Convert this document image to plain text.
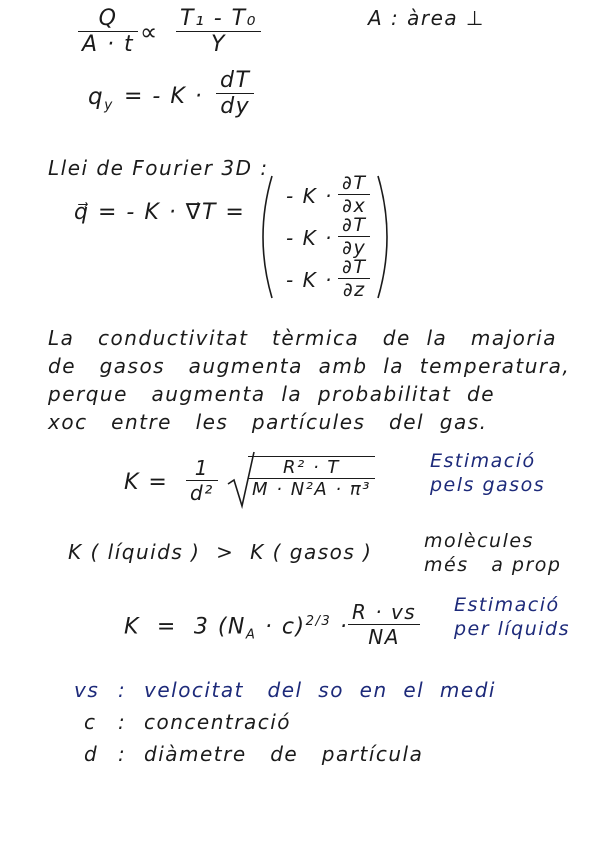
$\frac{Q}{A \cdot t} \propto \frac{\text{T₁ - T₀}}{Y}$	A : àrea ⊥
$q_y$ = - $K \cdot \frac{dT}{dy}$
Llei de Fourier 3D :
q⃗ = - K · ∇⃗T =
- $K \cdot \frac{\partial T}{\partial x}$
- $K \cdot \frac{\partial T}{\partial y}$
- $K \cdot \frac{\partial T}{\partial z}$
La   conductivitat   tèrmica   de  la   majoria
de   gasos   augmenta  amb  la  temperatura,
perque   augmenta  la  probabilitat  de
xoc   entre   les   partícules   del  gas.
$K = \frac{1}{\text{d²}} \frac{\text{R² · T}}{\text{M · N²A · π³}}$	Estimació
pels gasos
K ( líquids )  >  K ( gasos )	molècules
més   a prop
K  =  3 $(N_A \cdot c)^{2/3} \cdot \frac{R \cdot vs}{NA}$ Estimació
per líquids
vs : velocitat   del  so  en  el  medi
c : concentració
d : diàmetre   de   partícula
